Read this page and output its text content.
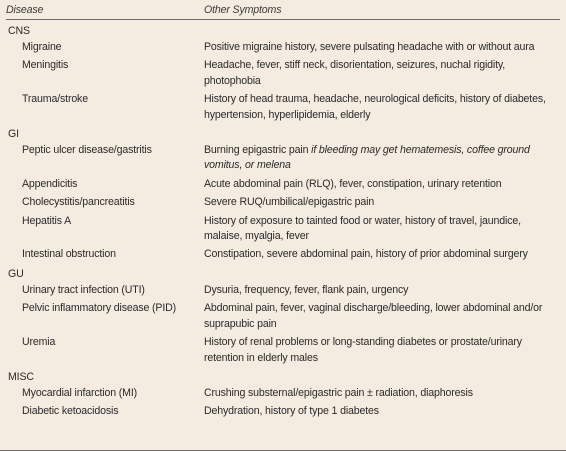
Disease	Other Symptoms
CNS
Migraine	Positive migraine history, severe pulsating headache with or without aura
Meningitis	Headache, fever, stiff neck, disorientation, seizures, nuchal rigidity, photophobia
Trauma/stroke	History of head trauma, headache, neurological deficits, history of diabetes, hypertension, hyperlipidemia, elderly
GI
Peptic ulcer disease/gastritis	Burning epigastric pain if bleeding may get hematemesis, coffee ground vomitus, or melena
Appendicitis	Acute abdominal pain (RLQ), fever, constipation, urinary retention
Cholecystitis/pancreatitis	Severe RUQ/umbilical/epigastric pain
Hepatitis A	History of exposure to tainted food or water, history of travel, jaundice, malaise, myalgia, fever
Intestinal obstruction	Constipation, severe abdominal pain, history of prior abdominal surgery
GU
Urinary tract infection (UTI)	Dysuria, frequency, fever, flank pain, urgency
Pelvic inflammatory disease (PID)	Abdominal pain, fever, vaginal discharge/bleeding, lower abdominal and/or suprapubic pain
Uremia	History of renal problems or long-standing diabetes or prostate/urinary retention in elderly males
MISC
Myocardial infarction (MI)	Crushing substernal/epigastric pain ± radiation, diaphoresis
Diabetic ketoacidosis	Dehydration, history of type 1 diabetes
